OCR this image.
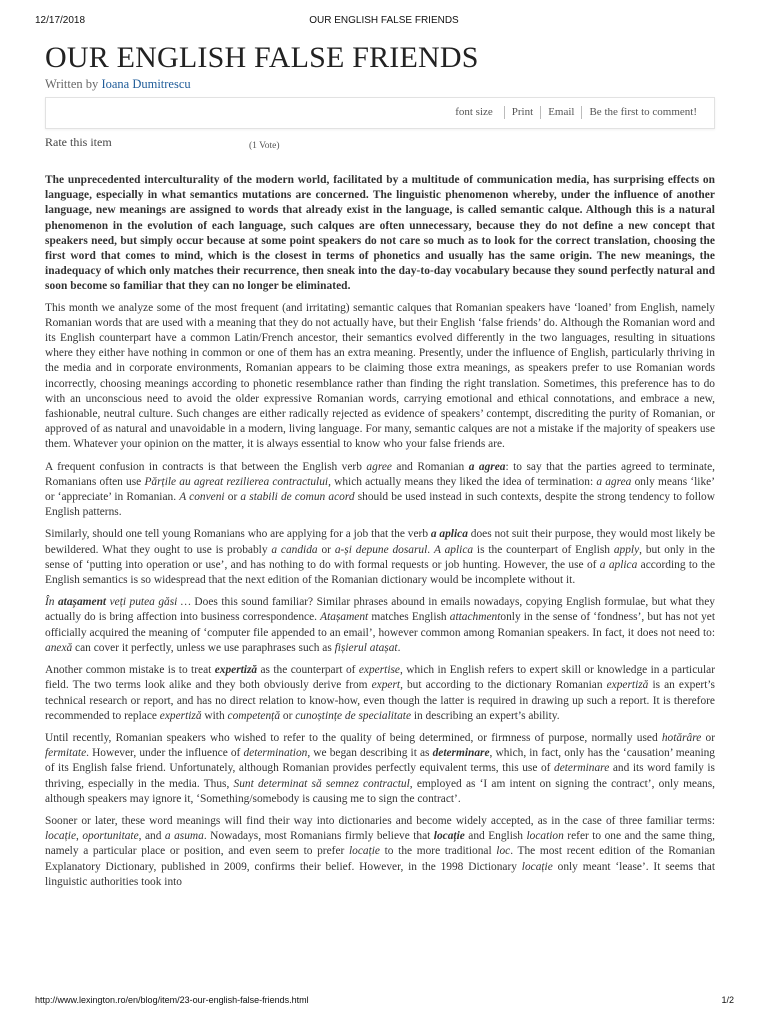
12/17/2018	OUR ENGLISH FALSE FRIENDS
OUR ENGLISH FALSE FRIENDS
Written by Ioana Dumitrescu
font size	Print	Email	Be the first to comment!
Rate this item	(1 Vote)

The unprecedented interculturality of the modern world, facilitated by a multitude of communication media, has surprising effects on language, especially in what semantics mutations are concerned. The linguistic phenomenon whereby, under the influence of another language, new meanings are assigned to words that already exist in the language, is called semantic calque. Although this is a natural phenomenon in the evolution of each language, such calques are often unnecessary, because they do not define a new concept that speakers need, but simply occur because at some point speakers do not care so much as to look for the correct translation, choosing the first word that comes to mind, which is the closest in terms of phonetics and usually has the same origin. The new meanings, the inadequacy of which only matches their recurrence, then sneak into the day-to-day vocabulary because they sound perfectly natural and soon become so familiar that they can no longer be eliminated.

This month we analyze some of the most frequent (and irritating) semantic calques that Romanian speakers have ‘loaned’ from English, namely Romanian words that are used with a meaning that they do not actually have, but their English ‘false friends’ do. Although the Romanian word and its English counterpart have a common Latin/French ancestor, their semantics evolved differently in the two languages, resulting in situations where they either have nothing in common or one of them has an extra meaning. Presently, under the influence of English, particularly thriving in the media and in corporate environments, Romanian appears to be claiming those extra meanings, as speakers prefer to use Romanian words incorrectly, choosing meanings according to phonetic resemblance rather than finding the right translation. Sometimes, this preference has to do with an unconscious need to avoid the older expressive Romanian words, carrying emotional and ethical connotations, and embrace a new, fashionable, neutral culture. Such changes are either radically rejected as evidence of speakers’ contempt, discrediting the purity of Romanian, or approved of as natural and unavoidable in a modern, living language. For many, semantic calques are not a mistake if the majority of speakers use them. Whatever your opinion on the matter, it is always essential to know who your false friends are.

A frequent confusion in contracts is that between the English verb agree and Romanian a agrea: to say that the parties agreed to terminate, Romanians often use Părțile au agreat rezilierea contractului, which actually means they liked the idea of termination: a agrea only means ‘like’ or ‘appreciate’ in Romanian. A conveni or a stabili de comun acord should be used instead in such contexts, despite the strong tendency to follow English patterns.

Similarly, should one tell young Romanians who are applying for a job that the verb a aplica does not suit their purpose, they would most likely be bewildered. What they ought to use is probably a candida or a-și depune dosarul. A aplica is the counterpart of English apply, but only in the sense of ‘putting into operation or use’, and has nothing to do with formal requests or job hunting. However, the use of a aplica according to the English semantics is so widespread that the next edition of the Romanian dictionary would be incomplete without it.

În atașament veți putea găsi … Does this sound familiar? Similar phrases abound in emails nowadays, copying English formulae, but what they actually do is bring affection into business correspondence. Atașament matches English attachmentonly in the sense of ‘fondness’, but has not yet officially acquired the meaning of ‘computer file appended to an email’, however common among Romanian speakers. In fact, it does not need to: anexă can cover it perfectly, unless we use paraphrases such as fișierul atașat.

Another common mistake is to treat expertiză as the counterpart of expertise, which in English refers to expert skill or knowledge in a particular field. The two terms look alike and they both obviously derive from expert, but according to the dictionary Romanian expertiză is an expert’s technical research or report, and has no direct relation to know-how, even though the latter is required in drawing up such a report. It is therefore recommended to replace expertiză with competență or cunoștințe de specialitate in describing an expert’s ability.

Until recently, Romanian speakers who wished to refer to the quality of being determined, or firmness of purpose, normally used hotărâre or fermitate. However, under the influence of determination, we began describing it as determinare, which, in fact, only has the ‘causation’ meaning of its English false friend. Unfortunately, although Romanian provides perfectly equivalent terms, this use of determinare and its word family is thriving, especially in the media. Thus, Sunt determinat să semnez contractul, employed as ‘I am intent on signing the contract’, only means, although speakers may ignore it, ‘Something/somebody is causing me to sign the contract’.

Sooner or later, these word meanings will find their way into dictionaries and become widely accepted, as in the case of three familiar terms: locație, oportunitate, and a asuma. Nowadays, most Romanians firmly believe that locație and English location refer to one and the same thing, namely a particular place or position, and even seem to prefer locație to the more traditional loc. The most recent edition of the Romanian Explanatory Dictionary, published in 2009, confirms their belief. However, in the 1998 Dictionary locație only meant ‘lease’. It seems that linguistic authorities took into

http://www.lexington.ro/en/blog/item/23-our-english-false-friends.html	1/2
